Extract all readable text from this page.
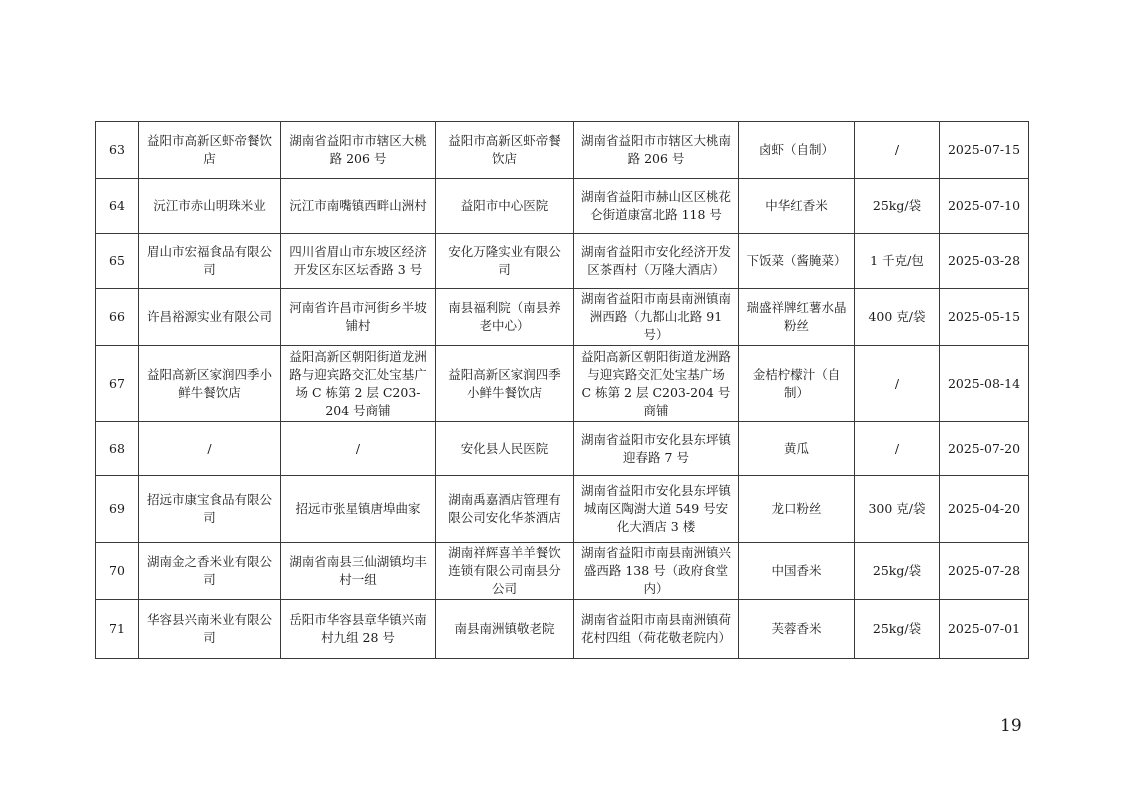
63	益阳市高新区虾帝餐饮店	湖南省益阳市市辖区大桃路 206 号	益阳市高新区虾帝餐饮店	湖南省益阳市市辖区大桃南路 206 号	卤虾（自制）	/	2025-07-15
64	沅江市赤山明珠米业	沅江市南嘴镇西畔山洲村	益阳市中心医院	湖南省益阳市赫山区区桃花仑街道康富北路 118 号	中华红香米	25kg/袋	2025-07-10
65	眉山市宏福食品有限公司	四川省眉山市东坡区经济开发区东区坛香路 3 号	安化万隆实业有限公司	湖南省益阳市安化经济开发区茶酉村（万隆大酒店）	下饭菜（酱腌菜）	1 千克/包	2025-03-28
66	许昌裕源实业有限公司	河南省许昌市河街乡半坡铺村	南县福利院（南县养老中心）	湖南省益阳市南县南洲镇南洲西路（九都山北路 91 号）	瑞盛祥牌红薯水晶粉丝	400 克/袋	2025-05-15
67	益阳高新区家润四季小鲜牛餐饮店	益阳高新区朝阳街道龙洲路与迎宾路交汇处宝基广场 C 栋第 2 层 C203-204 号商铺	益阳高新区家润四季小鲜牛餐饮店	益阳高新区朝阳街道龙洲路与迎宾路交汇处宝基广场 C 栋第 2 层 C203-204 号商铺	金桔柠檬汁（自制）	/	2025-08-14
68	/	/	安化县人民医院	湖南省益阳市安化县东坪镇迎春路 7 号	黄瓜	/	2025-07-20
69	招远市康宝食品有限公司	招远市张星镇唐埠曲家	湖南禹嘉酒店管理有限公司安化华茶酒店	湖南省益阳市安化县东坪镇城南区陶澍大道 549 号安化大酒店 3 楼	龙口粉丝	300 克/袋	2025-04-20
70	湖南金之香米业有限公司	湖南省南县三仙湖镇均丰村一组	湖南祥辉喜羊羊餐饮连锁有限公司南县分公司	湖南省益阳市南县南洲镇兴盛西路 138 号（政府食堂内）	中国香米	25kg/袋	2025-07-28
71	华容县兴南米业有限公司	岳阳市华容县章华镇兴南村九组 28 号	南县南洲镇敬老院	湖南省益阳市南县南洲镇荷花村四组（荷花敬老院内）	芙蓉香米	25kg/袋	2025-07-01
19
